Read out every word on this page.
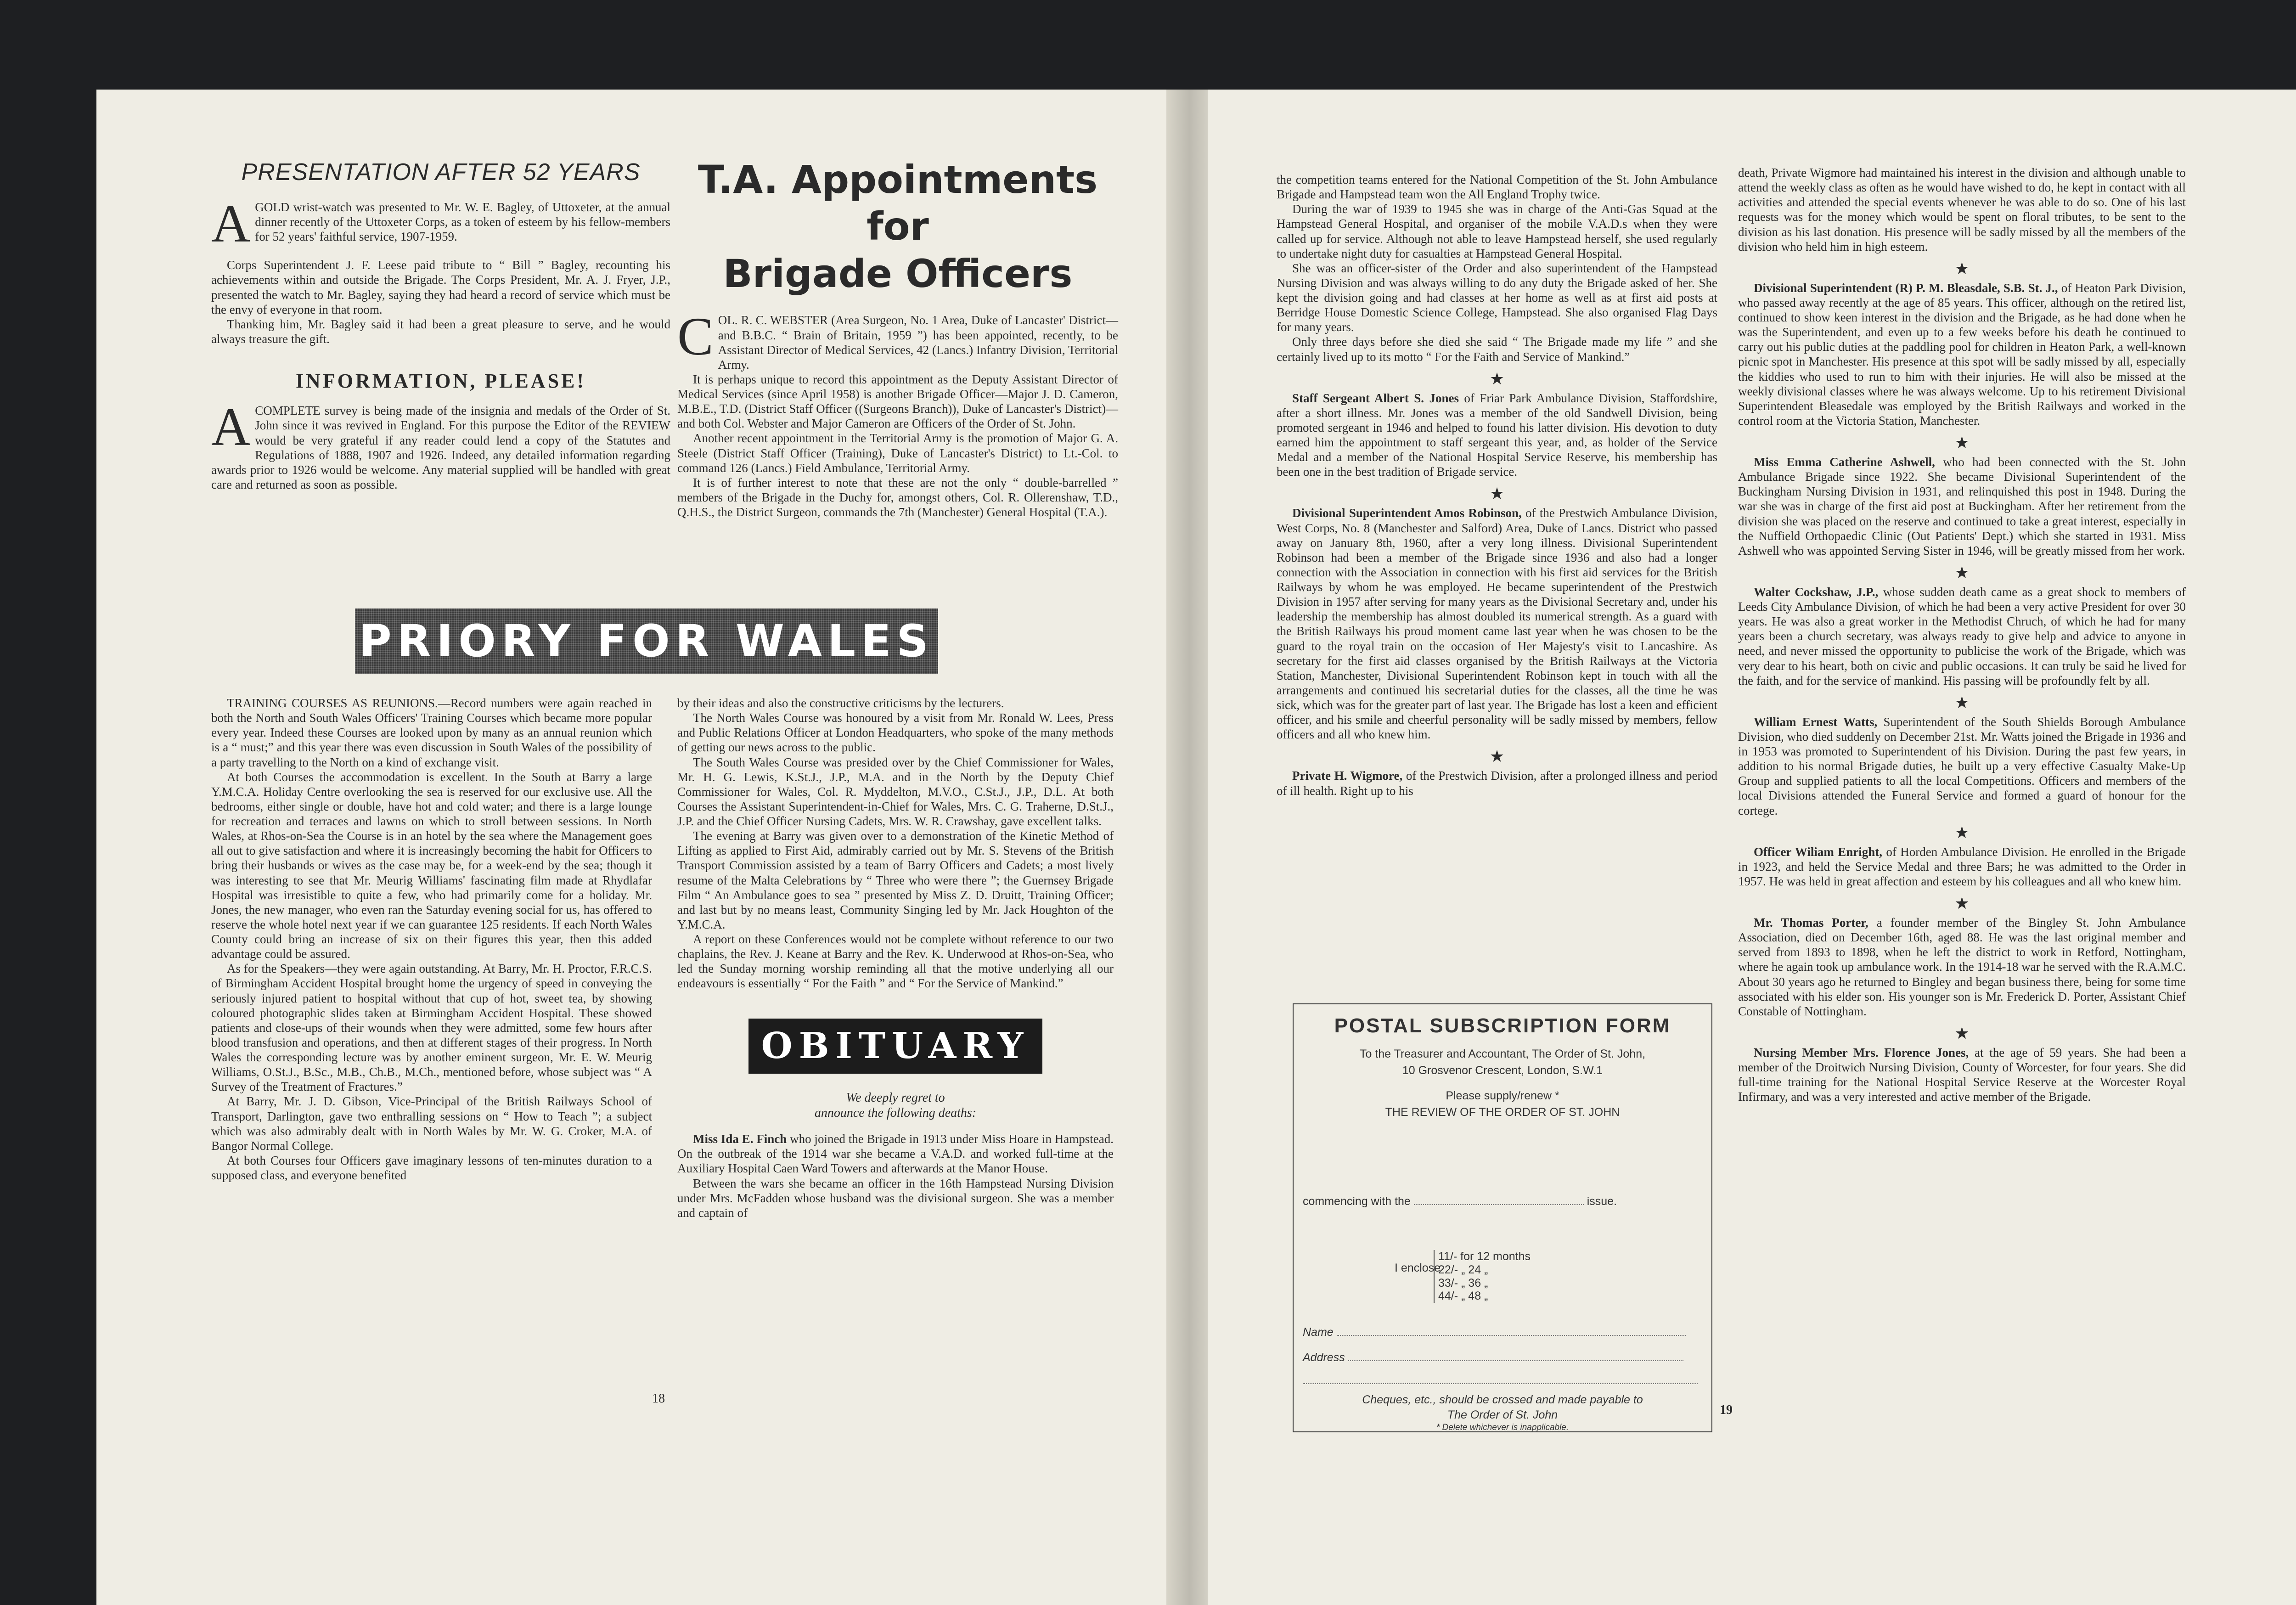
PRESENTATION AFTER 52 YEARS

AGOLD wrist-watch was presented to Mr. W. E. Bagley, of Uttoxeter, at the annual dinner recently of the Uttoxeter Corps, as a token of esteem by his fellow-members for 52 years' faithful service, 1907-1959.

Corps Superintendent J. F. Leese paid tribute to “ Bill ” Bagley, recounting his achievements within and outside the Brigade. The Corps President, Mr. A. J. Fryer, J.P., presented the watch to Mr. Bagley, saying they had heard a record of service which must be the envy of everyone in that room.

Thanking him, Mr. Bagley said it had been a great pleasure to serve, and he would always treasure the gift.

INFORMATION, PLEASE!

ACOMPLETE survey is being made of the insignia and medals of the Order of St. John since it was revived in England. For this purpose the Editor of the REVIEW would be very grateful if any reader could lend a copy of the Statutes and Regulations of 1888, 1907 and 1926. Indeed, any detailed information regarding awards prior to 1926 would be welcome. Any material supplied will be handled with great care and returned as soon as possible.

T.A. Appointments for
Brigade Officers

COL. R. C. WEBSTER (Area Surgeon, No. 1 Area, Duke of Lancaster' District—and B.B.C. “ Brain of Britain, 1959 ”) has been appointed, recently, to be Assistant Director of Medical Services, 42 (Lancs.) Infantry Division, Territorial Army.

It is perhaps unique to record this appointment as the Deputy Assistant Director of Medical Services (since April 1958) is another Brigade Officer—Major J. D. Cameron, M.B.E., T.D. (District Staff Officer ((Surgeons Branch)), Duke of Lancaster's District)—and both Col. Webster and Major Cameron are Officers of the Order of St. John.

Another recent appointment in the Territorial Army is the promotion of Major G. A. Steele (District Staff Officer (Training), Duke of Lancaster's District) to Lt.-Col. to command 126 (Lancs.) Field Ambulance, Territorial Army.

It is of further interest to note that these are not the only “ double-barrelled ” members of the Brigade in the Duchy for, amongst others, Col. R. Ollerenshaw, T.D., Q.H.S., the District Surgeon, commands the 7th (Manchester) General Hospital (T.A.).

PRIORY FOR WALES

TRAINING COURSES AS REUNIONS.—Record numbers were again reached in both the North and South Wales Officers' Training Courses which became more popular every year. Indeed these Courses are looked upon by many as an annual reunion which is a “ must;” and this year there was even discussion in South Wales of the possibility of a party travelling to the North on a kind of exchange visit.

At both Courses the accommodation is excellent. In the South at Barry a large Y.M.C.A. Holiday Centre overlooking the sea is reserved for our exclusive use. All the bedrooms, either single or double, have hot and cold water; and there is a large lounge for recreation and terraces and lawns on which to stroll between sessions. In North Wales, at Rhos-on-Sea the Course is in an hotel by the sea where the Management goes all out to give satisfaction and where it is increasingly becoming the habit for Officers to bring their husbands or wives as the case may be, for a week-end by the sea; though it was interesting to see that Mr. Meurig Williams' fascinating film made at Rhydlafar Hospital was irresistible to quite a few, who had primarily come for a holiday. Mr. Jones, the new manager, who even ran the Saturday evening social for us, has offered to reserve the whole hotel next year if we can guarantee 125 residents. If each North Wales County could bring an increase of six on their figures this year, then this added advantage could be assured.

As for the Speakers—they were again outstanding. At Barry, Mr. H. Proctor, F.R.C.S. of Birmingham Accident Hospital brought home the urgency of speed in conveying the seriously injured patient to hospital without that cup of hot, sweet tea, by showing coloured photographic slides taken at Birmingham Accident Hospital. These showed patients and close-ups of their wounds when they were admitted, some few hours after blood transfusion and operations, and then at different stages of their progress. In North Wales the corresponding lecture was by another eminent surgeon, Mr. E. W. Meurig Williams, O.St.J., B.Sc., M.B., Ch.B., M.Ch., mentioned before, whose subject was “ A Survey of the Treatment of Fractures.”

At Barry, Mr. J. D. Gibson, Vice-Principal of the British Railways School of Transport, Darlington, gave two enthralling sessions on “ How to Teach ”; a subject which was also admirably dealt with in North Wales by Mr. W. G. Croker, M.A. of Bangor Normal College.

At both Courses four Officers gave imaginary lessons of ten-minutes duration to a supposed class, and everyone benefited

by their ideas and also the constructive criticisms by the lecturers.

The North Wales Course was honoured by a visit from Mr. Ronald W. Lees, Press and Public Relations Officer at London Headquarters, who spoke of the many methods of getting our news across to the public.

The South Wales Course was presided over by the Chief Commissioner for Wales, Mr. H. G. Lewis, K.St.J., J.P., M.A. and in the North by the Deputy Chief Commissioner for Wales, Col. R. Myddelton, M.V.O., C.St.J., J.P., D.L. At both Courses the Assistant Superintendent-in-Chief for Wales, Mrs. C. G. Traherne, D.St.J., J.P. and the Chief Officer Nursing Cadets, Mrs. W. R. Crawshay, gave excellent talks.

The evening at Barry was given over to a demonstration of the Kinetic Method of Lifting as applied to First Aid, admirably carried out by Mr. S. Stevens of the British Transport Commission assisted by a team of Barry Officers and Cadets; a most lively resume of the Malta Celebrations by “ Three who were there ”; the Guernsey Brigade Film “ An Ambulance goes to sea ” presented by Miss Z. D. Druitt, Training Officer; and last but by no means least, Community Singing led by Mr. Jack Houghton of the Y.M.C.A.

A report on these Conferences would not be complete without reference to our two chaplains, the Rev. J. Keane at Barry and the Rev. K. Underwood at Rhos-on-Sea, who led the Sunday morning worship reminding all that the motive underlying all our endeavours is essentially “ For the Faith ” and “ For the Service of Mankind.”

OBITUARY
We deeply regret to
announce the following deaths:

Miss Ida E. Finch who joined the Brigade in 1913 under Miss Hoare in Hampstead. On the outbreak of the 1914 war she became a V.A.D. and worked full-time at the Auxiliary Hospital Caen Ward Towers and afterwards at the Manor House.

Between the wars she became an officer in the 16th Hampstead Nursing Division under Mrs. McFadden whose husband was the divisional surgeon. She was a member and captain of

18

the competition teams entered for the National Competition of the St. John Ambulance Brigade and Hampstead team won the All England Trophy twice.

During the war of 1939 to 1945 she was in charge of the Anti-Gas Squad at the Hampstead General Hospital, and organiser of the mobile V.A.D.s when they were called up for service. Although not able to leave Hampstead herself, she used regularly to undertake night duty for casualties at Hampstead General Hospital.

She was an officer-sister of the Order and also superintendent of the Hampstead Nursing Division and was always willing to do any duty the Brigade asked of her. She kept the division going and had classes at her home as well as at first aid posts at Berridge House Domestic Science College, Hampstead. She also organised Flag Days for many years.

Only three days before she died she said “ The Brigade made my life ” and she certainly lived up to its motto “ For the Faith and Service of Mankind.”

★

Staff Sergeant Albert S. Jones of Friar Park Ambulance Division, Staffordshire, after a short illness. Mr. Jones was a member of the old Sandwell Division, being promoted sergeant in 1946 and helped to found his latter division. His devotion to duty earned him the appointment to staff sergeant this year, and, as holder of the Service Medal and a member of the National Hospital Service Reserve, his membership has been one in the best tradition of Brigade service.

★

Divisional Superintendent Amos Robinson, of the Prestwich Ambulance Division, West Corps, No. 8 (Manchester and Salford) Area, Duke of Lancs. District who passed away on January 8th, 1960, after a very long illness. Divisional Superintendent Robinson had been a member of the Brigade since 1936 and also had a longer connection with the Association in connection with his first aid services for the British Railways by whom he was employed. He became superintendent of the Prestwich Division in 1957 after serving for many years as the Divisional Secretary and, under his leadership the membership has almost doubled its numerical strength. As a guard with the British Railways his proud moment came last year when he was chosen to be the guard to the royal train on the occasion of Her Majesty's visit to Lancashire. As secretary for the first aid classes organised by the British Railways at the Victoria Station, Manchester, Divisional Superintendent Robinson kept in touch with all the arrangements and continued his secretarial duties for the classes, all the time he was sick, which was for the greater part of last year. The Brigade has lost a keen and efficient officer, and his smile and cheerful personality will be sadly missed by members, fellow officers and all who knew him.

★

Private H. Wigmore, of the Prestwich Division, after a prolonged illness and period of ill health. Right up to his

POSTAL SUBSCRIPTION FORM
To the Treasurer and Accountant, The Order of St. John,
10 Grosvenor Crescent, London, S.W.1
Please supply/renew *
THE REVIEW OF THE ORDER OF ST. JOHN
commencing with the	issue.
I enclose
11/- for 12 months
22/- „ 24 „
33/- „ 36 „
44/- „ 48 „
Name
Address
Cheques, etc., should be crossed and made payable to
The Order of St. John
* Delete whichever is inapplicable.

death, Private Wigmore had maintained his interest in the division and although unable to attend the weekly class as often as he would have wished to do, he kept in contact with all activities and attended the special events whenever he was able to do so. One of his last requests was for the money which would be spent on floral tributes, to be sent to the division as his last donation. His presence will be sadly missed by all the members of the division who held him in high esteem.

★

Divisional Superintendent (R) P. M. Bleasdale, S.B. St. J., of Heaton Park Division, who passed away recently at the age of 85 years. This officer, although on the retired list, continued to show keen interest in the division and the Brigade, as he had done when he was the Superintendent, and even up to a few weeks before his death he continued to carry out his public duties at the paddling pool for children in Heaton Park, a well-known picnic spot in Manchester. His presence at this spot will be sadly missed by all, especially the kiddies who used to run to him with their injuries. He will also be missed at the weekly divisional classes where he was always welcome. Up to his retirement Divisional Superintendent Bleasedale was employed by the British Railways and worked in the control room at the Victoria Station, Manchester.

★

Miss Emma Catherine Ashwell, who had been connected with the St. John Ambulance Brigade since 1922. She became Divisional Superintendent of the Buckingham Nursing Division in 1931, and relinquished this post in 1948. During the war she was in charge of the first aid post at Buckingham. After her retirement from the division she was placed on the reserve and continued to take a great interest, especially in the Nuffield Orthopaedic Clinic (Out Patients' Dept.) which she started in 1931. Miss Ashwell who was appointed Serving Sister in 1946, will be greatly missed from her work.

★

Walter Cockshaw, J.P., whose sudden death came as a great shock to members of Leeds City Ambulance Division, of which he had been a very active President for over 30 years. He was also a great worker in the Methodist Chruch, of which he had for many years been a church secretary, was always ready to give help and advice to anyone in need, and never missed the opportunity to publicise the work of the Brigade, which was very dear to his heart, both on civic and public occasions. It can truly be said he lived for the faith, and for the service of mankind. His passing will be profoundly felt by all.

★

William Ernest Watts, Superintendent of the South Shields Borough Ambulance Division, who died suddenly on December 21st. Mr. Watts joined the Brigade in 1936 and in 1953 was promoted to Superintendent of his Division. During the past few years, in addition to his normal Brigade duties, he built up a very effective Casualty Make-Up Group and supplied patients to all the local Competitions. Officers and members of the local Divisions attended the Funeral Service and formed a guard of honour for the cortege.

★

Officer Wiliam Enright, of Horden Ambulance Division. He enrolled in the Brigade in 1923, and held the Service Medal and three Bars; he was admitted to the Order in 1957. He was held in great affection and esteem by his colleagues and all who knew him.

★

Mr. Thomas Porter, a founder member of the Bingley St. John Ambulance Association, died on December 16th, aged 88. He was the last original member and served from 1893 to 1898, when he left the district to work in Retford, Nottingham, where he again took up ambulance work. In the 1914-18 war he served with the R.A.M.C. About 30 years ago he returned to Bingley and began business there, being for some time associated with his elder son. His younger son is Mr. Frederick D. Porter, Assistant Chief Constable of Nottingham.

★

Nursing Member Mrs. Florence Jones, at the age of 59 years. She had been a member of the Droitwich Nursing Division, County of Worcester, for four years. She did full-time training for the National Hospital Service Reserve at the Worcester Royal Infirmary, and was a very interested and active member of the Brigade.

19
